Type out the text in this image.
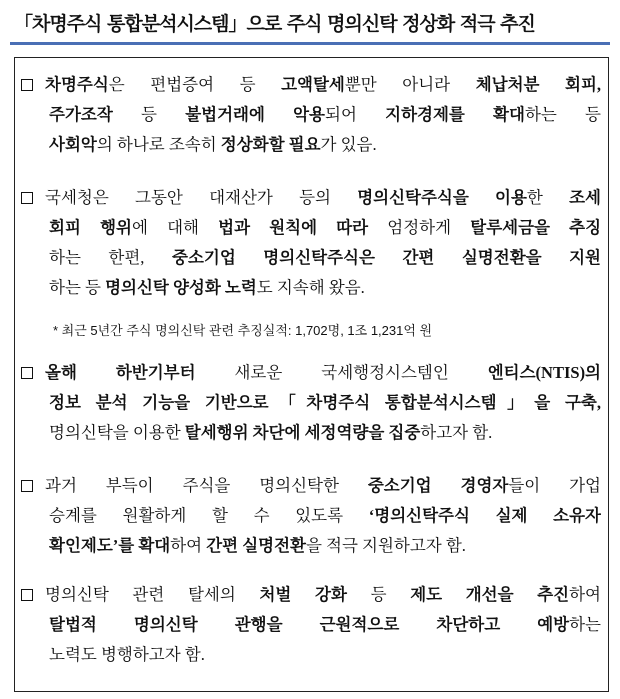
「차명주식 통합분석시스템」으로 주식 명의신탁 정상화 적극 추진
차명주식은 편법증여 등 고액탈세뿐만 아니라 체납처분 회피,
주가조작 등 불법거래에 악용되어 지하경제를 확대하는 등
사회악의 하나로 조속히 정상화할 필요가 있음.
국세청은 그동안 대재산가 등의 명의신탁주식을 이용한 조세
회피 행위에 대해 법과 원칙에 따라 엄정하게 탈루세금을 추징
하는 한편, 중소기업 명의신탁주식은 간편 실명전환을 지원
하는 등 명의신탁 양성화 노력도 지속해 왔음.
* 최근 5년간 주식 명의신탁 관련 추징실적: 1,702명, 1조 1,231억 원
올해 하반기부터 새로운 국세행정시스템인 엔티스(NTIS)의
정보 분석 기능을 기반으로「차명주식 통합분석시스템」을 구축,
명의신탁을 이용한 탈세행위 차단에 세정역량을 집중하고자 함.
과거 부득이 주식을 명의신탁한 중소기업 경영자들이 가업
승계를 원활하게 할 수 있도록 ‘명의신탁주식 실제 소유자
확인제도’를 확대하여 간편 실명전환을 적극 지원하고자 함.
명의신탁 관련 탈세의 처벌 강화 등 제도 개선을 추진하여
탈법적 명의신탁 관행을 근원적으로 차단하고 예방하는
노력도 병행하고자 함.
